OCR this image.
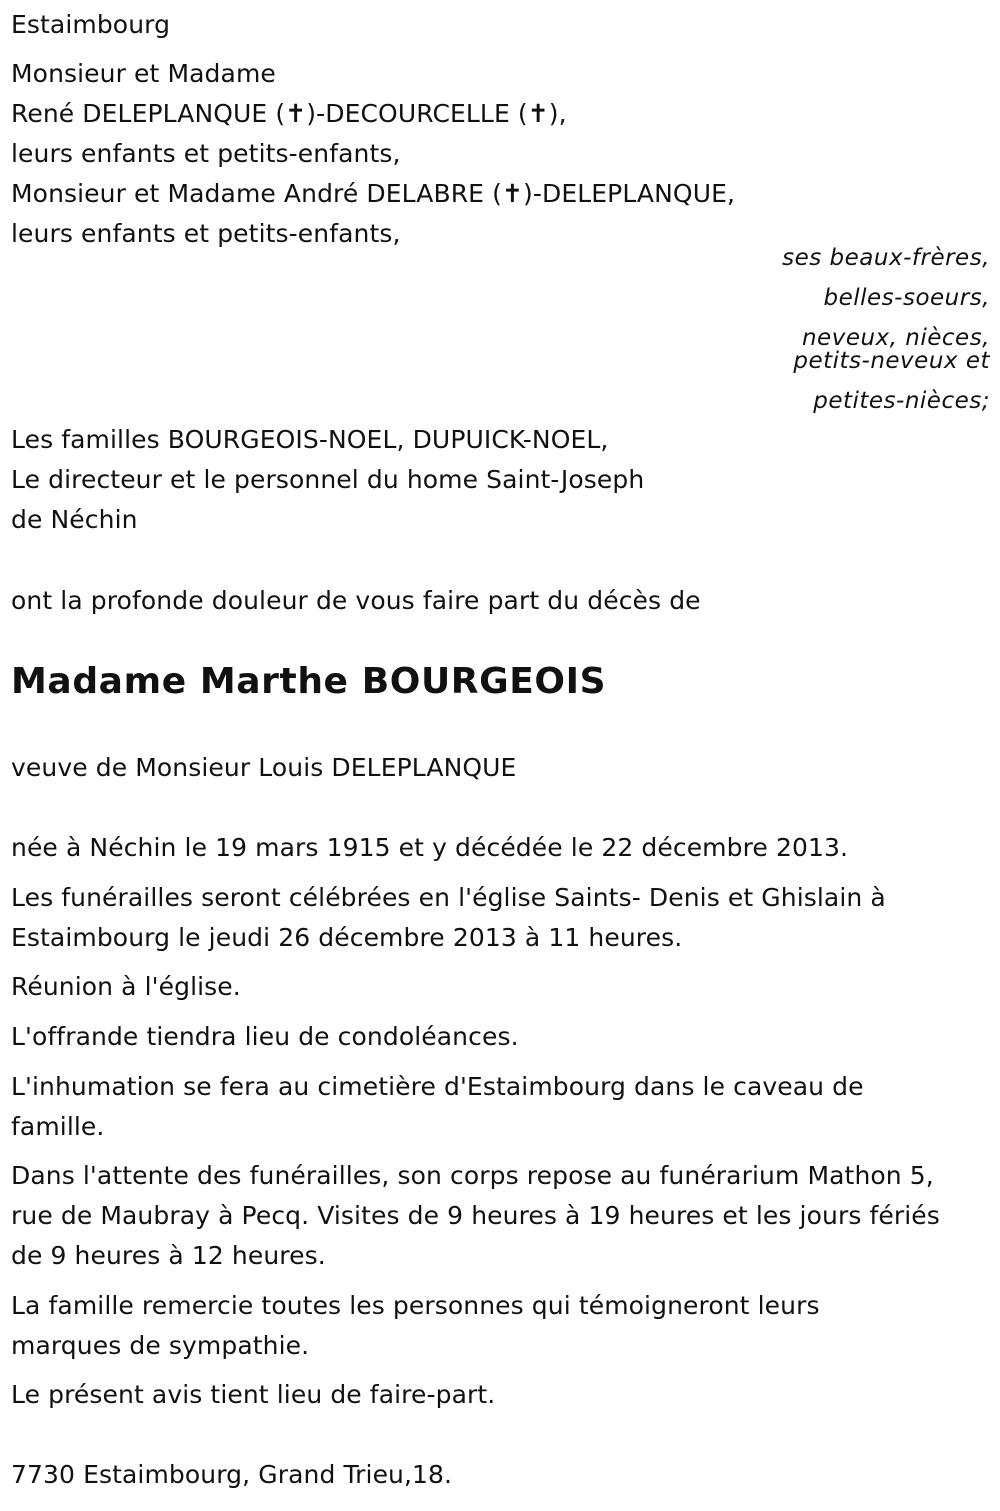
Estaimbourg

Monsieur et Madame

René DELEPLANQUE (✝)-DECOURCELLE (✝),

leurs enfants et petits-enfants,

Monsieur et Madame André DELABRE (✝)-DELEPLANQUE,

leurs enfants et petits-enfants,

ses beaux-frères,

belles-soeurs,

neveux, nièces,

petits-neveux et

petites-nièces;

Les familles BOURGEOIS-NOEL, DUPUICK-NOEL,

Le directeur et le personnel du home Saint-Joseph

de Néchin

ont la profonde douleur de vous faire part du décès de

Madame Marthe BOURGEOIS

veuve de Monsieur Louis DELEPLANQUE

née à Néchin le 19 mars 1915 et y décédée le 22 décembre 2013.

Les funérailles seront célébrées en l'église Saints- Denis et Ghislain à

Estaimbourg le jeudi 26 décembre 2013 à 11 heures.

Réunion à l'église.

L'offrande tiendra lieu de condoléances.

L'inhumation se fera au cimetière d'Estaimbourg dans le caveau de

famille.

Dans l'attente des funérailles, son corps repose au funérarium Mathon 5,

rue de Maubray à Pecq. Visites de 9 heures à 19 heures et les jours fériés

de 9 heures à 12 heures.

La famille remercie toutes les personnes qui témoigneront leurs

marques de sympathie.

Le présent avis tient lieu de faire-part.

7730 Estaimbourg, Grand Trieu,18.
